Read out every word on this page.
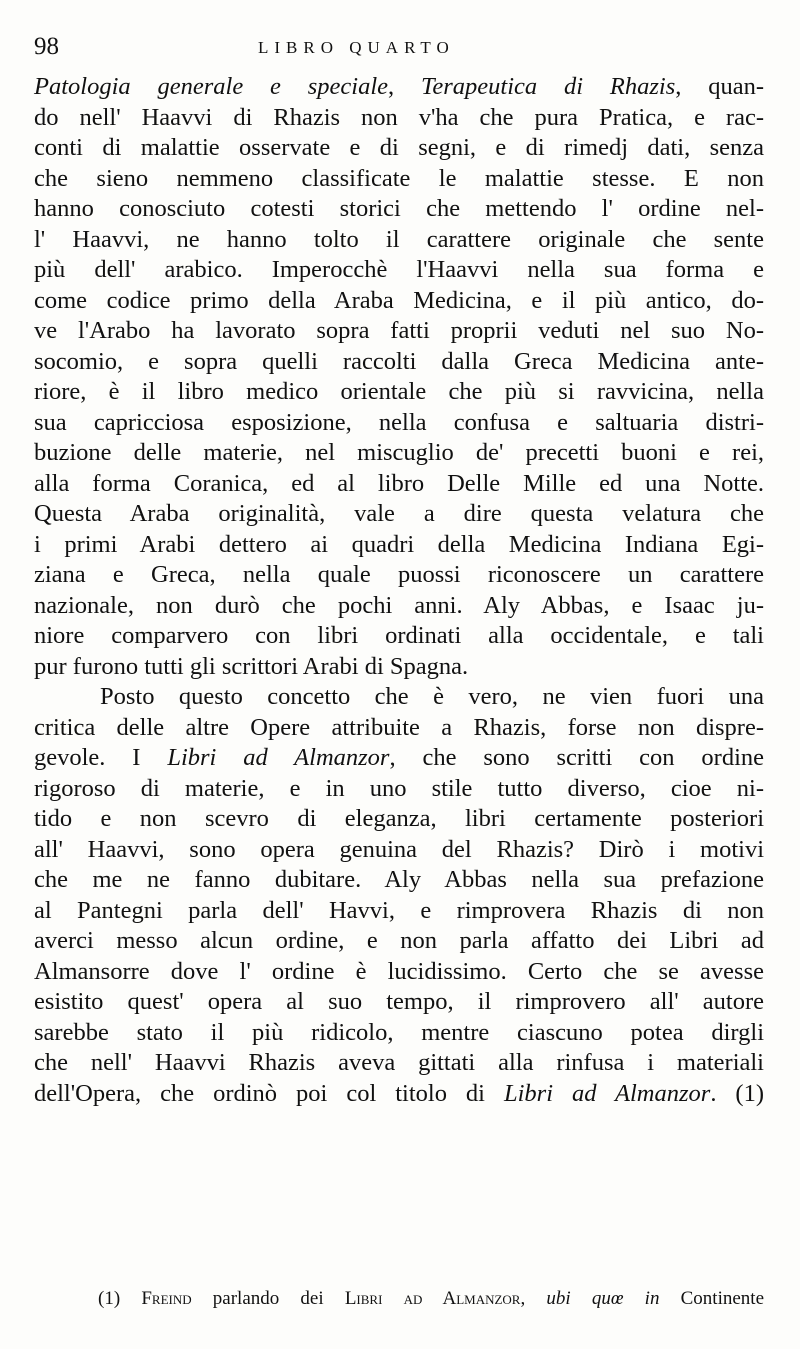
98	LIBRO QUARTO
Patologia generale e speciale, Terapeutica di Rhazis, quan-
do nell' Haavvi di Rhazis non v'ha che pura Pratica, e rac-
conti di malattie osservate e di segni, e di rimedj dati, senza
che sieno nemmeno classificate le malattie stesse. E non
hanno conosciuto cotesti storici che mettendo l' ordine nel-
l' Haavvi, ne hanno tolto il carattere originale che sente
più dell' arabico. Imperocchè l'Haavvi nella sua forma e
come codice primo della Araba Medicina, e il più antico, do-
ve l'Arabo ha lavorato sopra fatti proprii veduti nel suo No-
socomio, e sopra quelli raccolti dalla Greca Medicina ante-
riore, è il libro medico orientale che più si ravvicina, nella
sua capricciosa esposizione, nella confusa e saltuaria distri-
buzione delle materie, nel miscuglio de' precetti buoni e rei,
alla forma Coranica, ed al libro Delle Mille ed una Notte.
Questa Araba originalità, vale a dire questa velatura che
i primi Arabi dettero ai quadri della Medicina Indiana Egi-
ziana e Greca, nella quale puossi riconoscere un carattere
nazionale, non durò che pochi anni. Aly Abbas, e Isaac ju-
niore comparvero con libri ordinati alla occidentale, e tali
pur furono tutti gli scrittori Arabi di Spagna.
Posto questo concetto che è vero, ne vien fuori una
critica delle altre Opere attribuite a Rhazis, forse non dispre-
gevole. I Libri ad Almanzor, che sono scritti con ordine
rigoroso di materie, e in uno stile tutto diverso, cioe ni-
tido e non scevro di eleganza, libri certamente posteriori
all' Haavvi, sono opera genuina del Rhazis? Dirò i motivi
che me ne fanno dubitare. Aly Abbas nella sua prefazione
al Pantegni parla dell' Havvi, e rimprovera Rhazis di non
averci messo alcun ordine, e non parla affatto dei Libri ad
Almansorre dove l' ordine è lucidissimo. Certo che se avesse
esistito quest' opera al suo tempo, il rimprovero all' autore
sarebbe stato il più ridicolo, mentre ciascuno potea dirgli
che nell' Haavvi Rhazis aveva gittati alla rinfusa i materiali
dell'Opera, che ordinò poi col titolo di Libri ad Almanzor. (1)
(1) Freind parlando dei Libri ad Almanzor, ubi quœ in Continente
